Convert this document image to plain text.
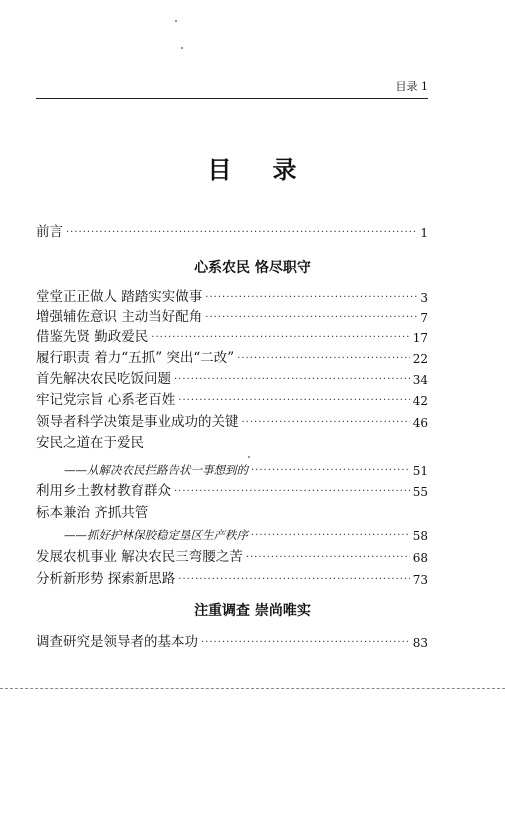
目录 1
目 录
前言 ·····	1
心系农民 恪尽职守
堂堂正正做人 踏踏实实做事 ·····	3
增强辅佐意识 主动当好配角 ·····	7
借鉴先贤 勤政爱民 ·····	17
履行职责 着力“五抓” 突出“二改” ·····	22
首先解决农民吃饭问题 ·····	34
牢记党宗旨 心系老百姓 ·····	42
领导者科学决策是事业成功的关键 ·····	46
安民之道在于爱民
——从解决农民拦路告状一事想到的 ·····	51
利用乡土教材教育群众 ·····	55
标本兼治 齐抓共管
——抓好护林保胶稳定垦区生产秩序 ·····	58
发展农机事业 解决农民三弯腰之苦 ·····	68
分析新形势 探索新思路 ·····	73
注重调查 崇尚唯实
调查研究是领导者的基本功 ·····	83
